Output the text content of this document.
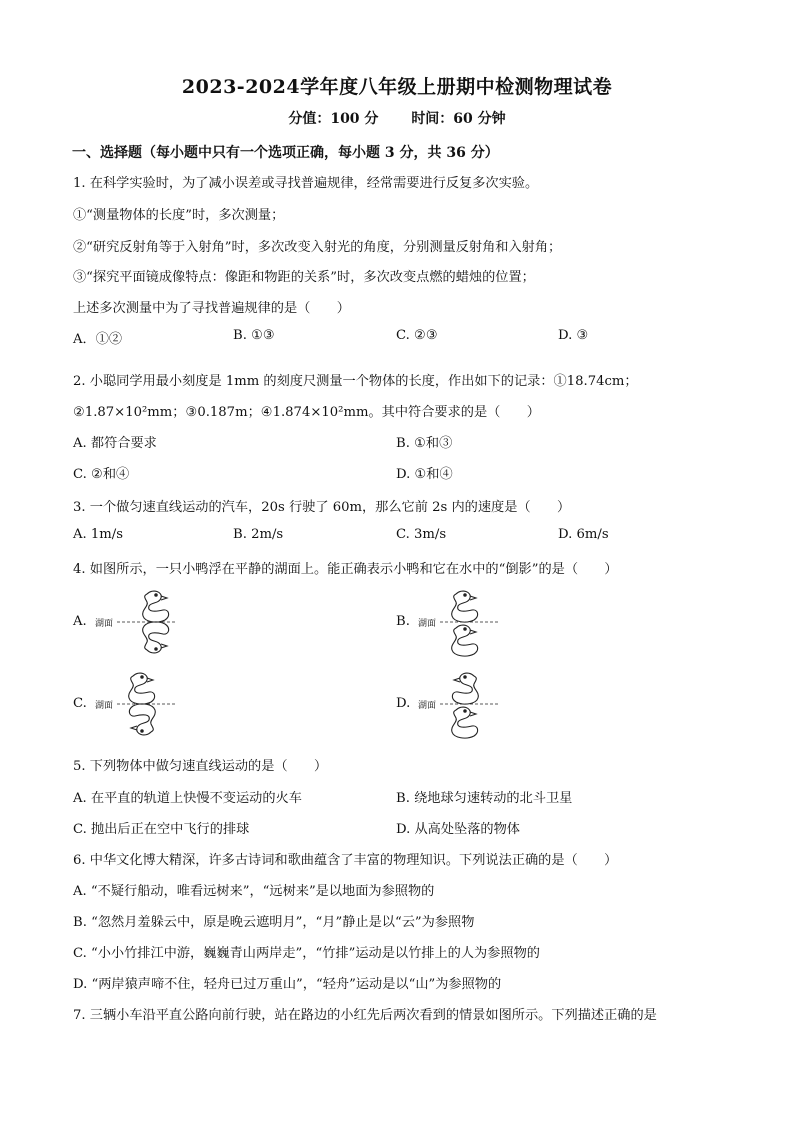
2023-2024学年度八年级上册期中检测物理试卷
分值：100 分 时间：60 分钟
一、选择题（每小题中只有一个选项正确，每小题 3 分，共 36 分）
1. 在科学实验时，为了减小误差或寻找普遍规律，经常需要进行反复多次实验。
①“测量物体的长度”时，多次测量；
②“研究反射角等于入射角”时，多次改变入射光的角度，分别测量反射角和入射角；
③“探究平面镜成像特点：像距和物距的关系”时，多次改变点燃的蜡烛的位置；
上述多次测量中为了寻找普遍规律的是（　　）
A．①②	B. ①③	C. ②③	D. ③
2. 小聪同学用最小刻度是 1mm 的刻度尺测量一个物体的长度，作出如下的记录：①18.74cm；
②1.87×10²mm；③0.187m；④1.874×10²mm。其中符合要求的是（　　）
A. 都符合要求	B. ①和③
C. ②和④	D. ①和④
3. 一个做匀速直线运动的汽车，20s 行驶了 60m，那么它前 2s 内的速度是（　　）
A. 1m/s	B. 2m/s	C. 3m/s	D. 6m/s
4. 如图所示，一只小鸭浮在平静的湖面上。能正确表示小鸭和它在水中的“倒影”的是（　　）
A. 湖面	B. 湖面
C. 湖面	D. 湖面
5. 下列物体中做匀速直线运动的是（　　）
A. 在平直的轨道上快慢不变运动的火车	B. 绕地球匀速转动的北斗卫星
C. 抛出后正在空中飞行的排球	D. 从高处坠落的物体
6. 中华文化博大精深，许多古诗词和歌曲蕴含了丰富的物理知识。下列说法正确的是（　　）
A. “不疑行船动，唯看远树来”，“远树来”是以地面为参照物的
B. “忽然月羞躲云中，原是晚云遮明月”，“月”静止是以“云”为参照物
C. “小小竹排江中游，巍巍青山两岸走”，“竹排”运动是以竹排上的人为参照物的
D. “两岸猿声啼不住，轻舟已过万重山”，“轻舟”运动是以“山”为参照物的
7. 三辆小车沿平直公路向前行驶，站在路边的小红先后两次看到的情景如图所示。下列描述正确的是
